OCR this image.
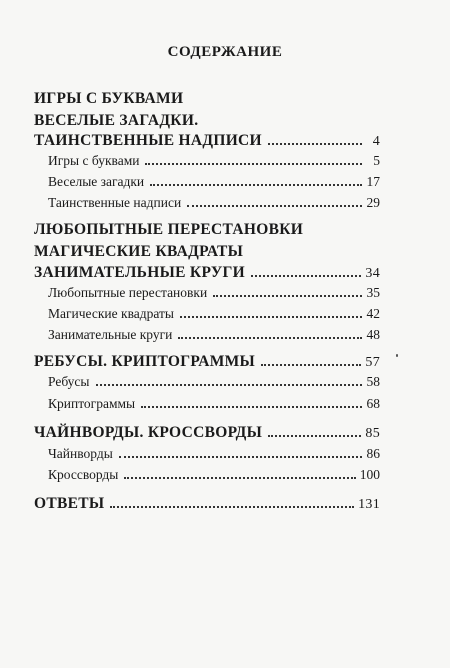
СОДЕРЖАНИЕ
ИГРЫ С БУКВАМИ
ВЕСЕЛЫЕ ЗАГАДКИ.
ТАИНСТВЕННЫЕ НАДПИСИ	4
Игры с буквами	5
Веселые загадки	17
Таинственные надписи	29
ЛЮБОПЫТНЫЕ ПЕРЕСТАНОВКИ
МАГИЧЕСКИЕ КВАДРАТЫ
ЗАНИМАТЕЛЬНЫЕ КРУГИ	34
Любопытные перестановки	35
Магические квадраты	42
Занимательные круги	48
РЕБУСЫ. КРИПТОГРАММЫ	57
Ребусы	58
Криптограммы	68
ЧАЙНВОРДЫ. КРОССВОРДЫ	85
Чайнворды	86
Кроссворды	100
ОТВЕТЫ	131
